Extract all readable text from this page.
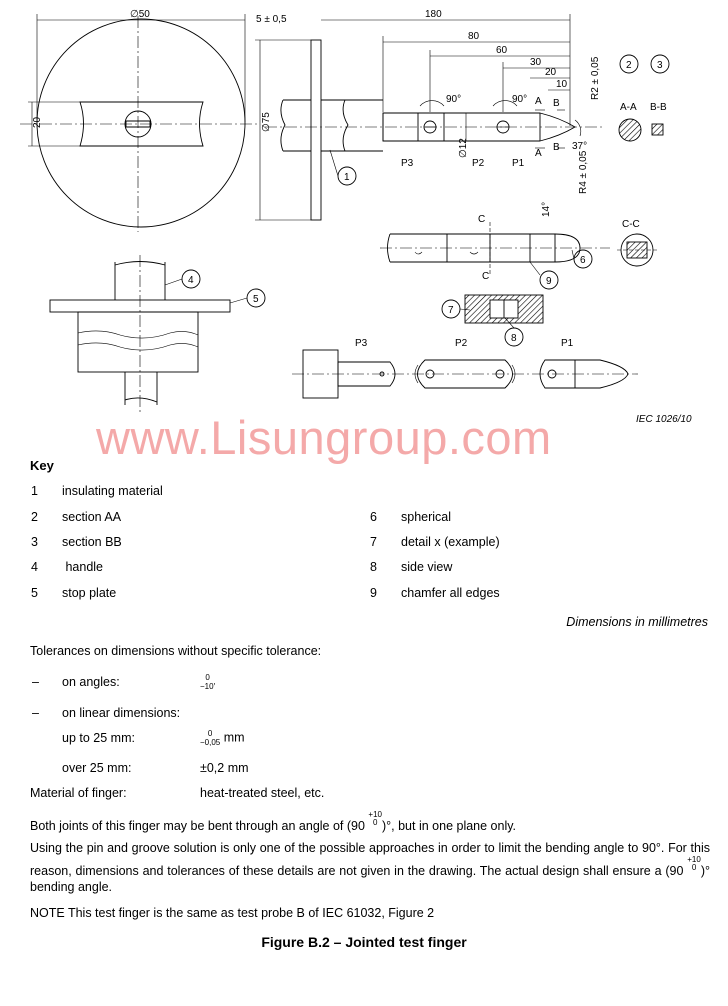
∅50
20
5 ± 0,5	180
∅75
80
60
30
20
10 R2 ± 0,05
90°	90°
37°
∅12
R4 ± 0,05
14°
A
A
B
B
P3	P2	P1
C
C
A-A B-B
C-C
P3	P2	P1
1
2	3
4
5
6
7
8
9
www.Lisungroup.com	IEC 1026/10
Key
1 insulating material
2 section AA
3 section BB
4 handle
5 stop plate
6 spherical
7 detail x (example)
8 side view
9 chamfer all edges
Dimensions in millimetres
Tolerances on dimensions without specific tolerance:
– on angles:	0
−10′
– on linear dimensions:
up to 25 mm:	0
−0,05 mm
over 25 mm:	±0,2 mm
Material of finger:	heat-treated steel, etc.
Both joints of this finger may be bent through an angle of (90
+10
0 )°, but in one plane only.
Using the pin and groove solution is only one of the possible approaches in order to limit the bending angle to 90°. For this reason, dimensions and tolerances of these details are not given in the drawing. The actual design shall ensure a (90
+10
0 )° bending angle.
NOTE This test finger is the same as test probe B of IEC 61032, Figure 2
Figure B.2 – Jointed test finger
